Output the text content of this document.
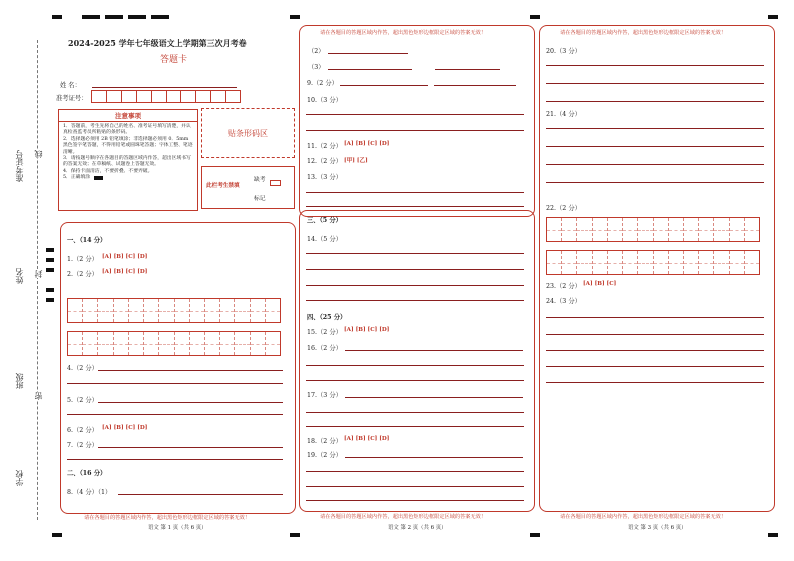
准考证号 线
姓名 封
班级
密
学校
2024-2025 学年七年级语文上学期第三次月考卷
答题卡
姓 名：
准考证号：
注意事项
1．答题前，考生先将自己的姓名、准考证号填写清楚，并认真检查监考员所粘贴的条形码。
2．选择题必须用 2B 铅笔填涂；非选择题必须用 0．5mm 黑色签字笔答题，不得用铅笔或圆珠笔答题；字体工整、笔迹清晰。
3．请按题号顺序在各题目的答题区域内作答，超出区域书写的答案无效；在草稿纸、试题卷上答题无效。
4．保持卡面清洁，不要折叠、不要弄破。
5．正确填涂
贴条形码区
此栏考生禁填
缺考
标记
一、（14 分）
1.（2 分） [A] [B] [C] [D]
2.（2 分） [A] [B] [C] [D]
4.（2 分）
5.（2 分）
6.（2 分） [A] [B] [C] [D]
7.（2 分）
二、（16 分）
8.（4 分）（1）
请在各题目的答题区域内作答，超出黑色矩形边框限定区域的答案无效！
语文 第 1 页（共 6 页）
请在各题目的答题区域内作答，超出黑色矩形边框限定区域的答案无效！
（2）
（3）
9.（2 分）
10.（3 分）
11.（2 分） [A] [B] [C] [D]
12.（2 分） [甲] [乙]
13.（3 分）
三、（5 分）
14.（5 分）
四、（25 分）
15.（2 分） [A] [B] [C] [D]
16.（2 分）
17.（3 分）
18.（2 分） [A] [B] [C] [D]
19.（2 分）
请在各题目的答题区域内作答，超出黑色矩形边框限定区域的答案无效！
语文 第 2 页（共 6 页）
请在各题目的答题区域内作答，超出黑色矩形边框限定区域的答案无效！
20.（3 分）
21.（4 分）
22.（2 分）
23.（2 分） [A] [B] [C]
24.（3 分）
请在各题目的答题区域内作答，超出黑色矩形边框限定区域的答案无效！
语文 第 3 页（共 6 页）
